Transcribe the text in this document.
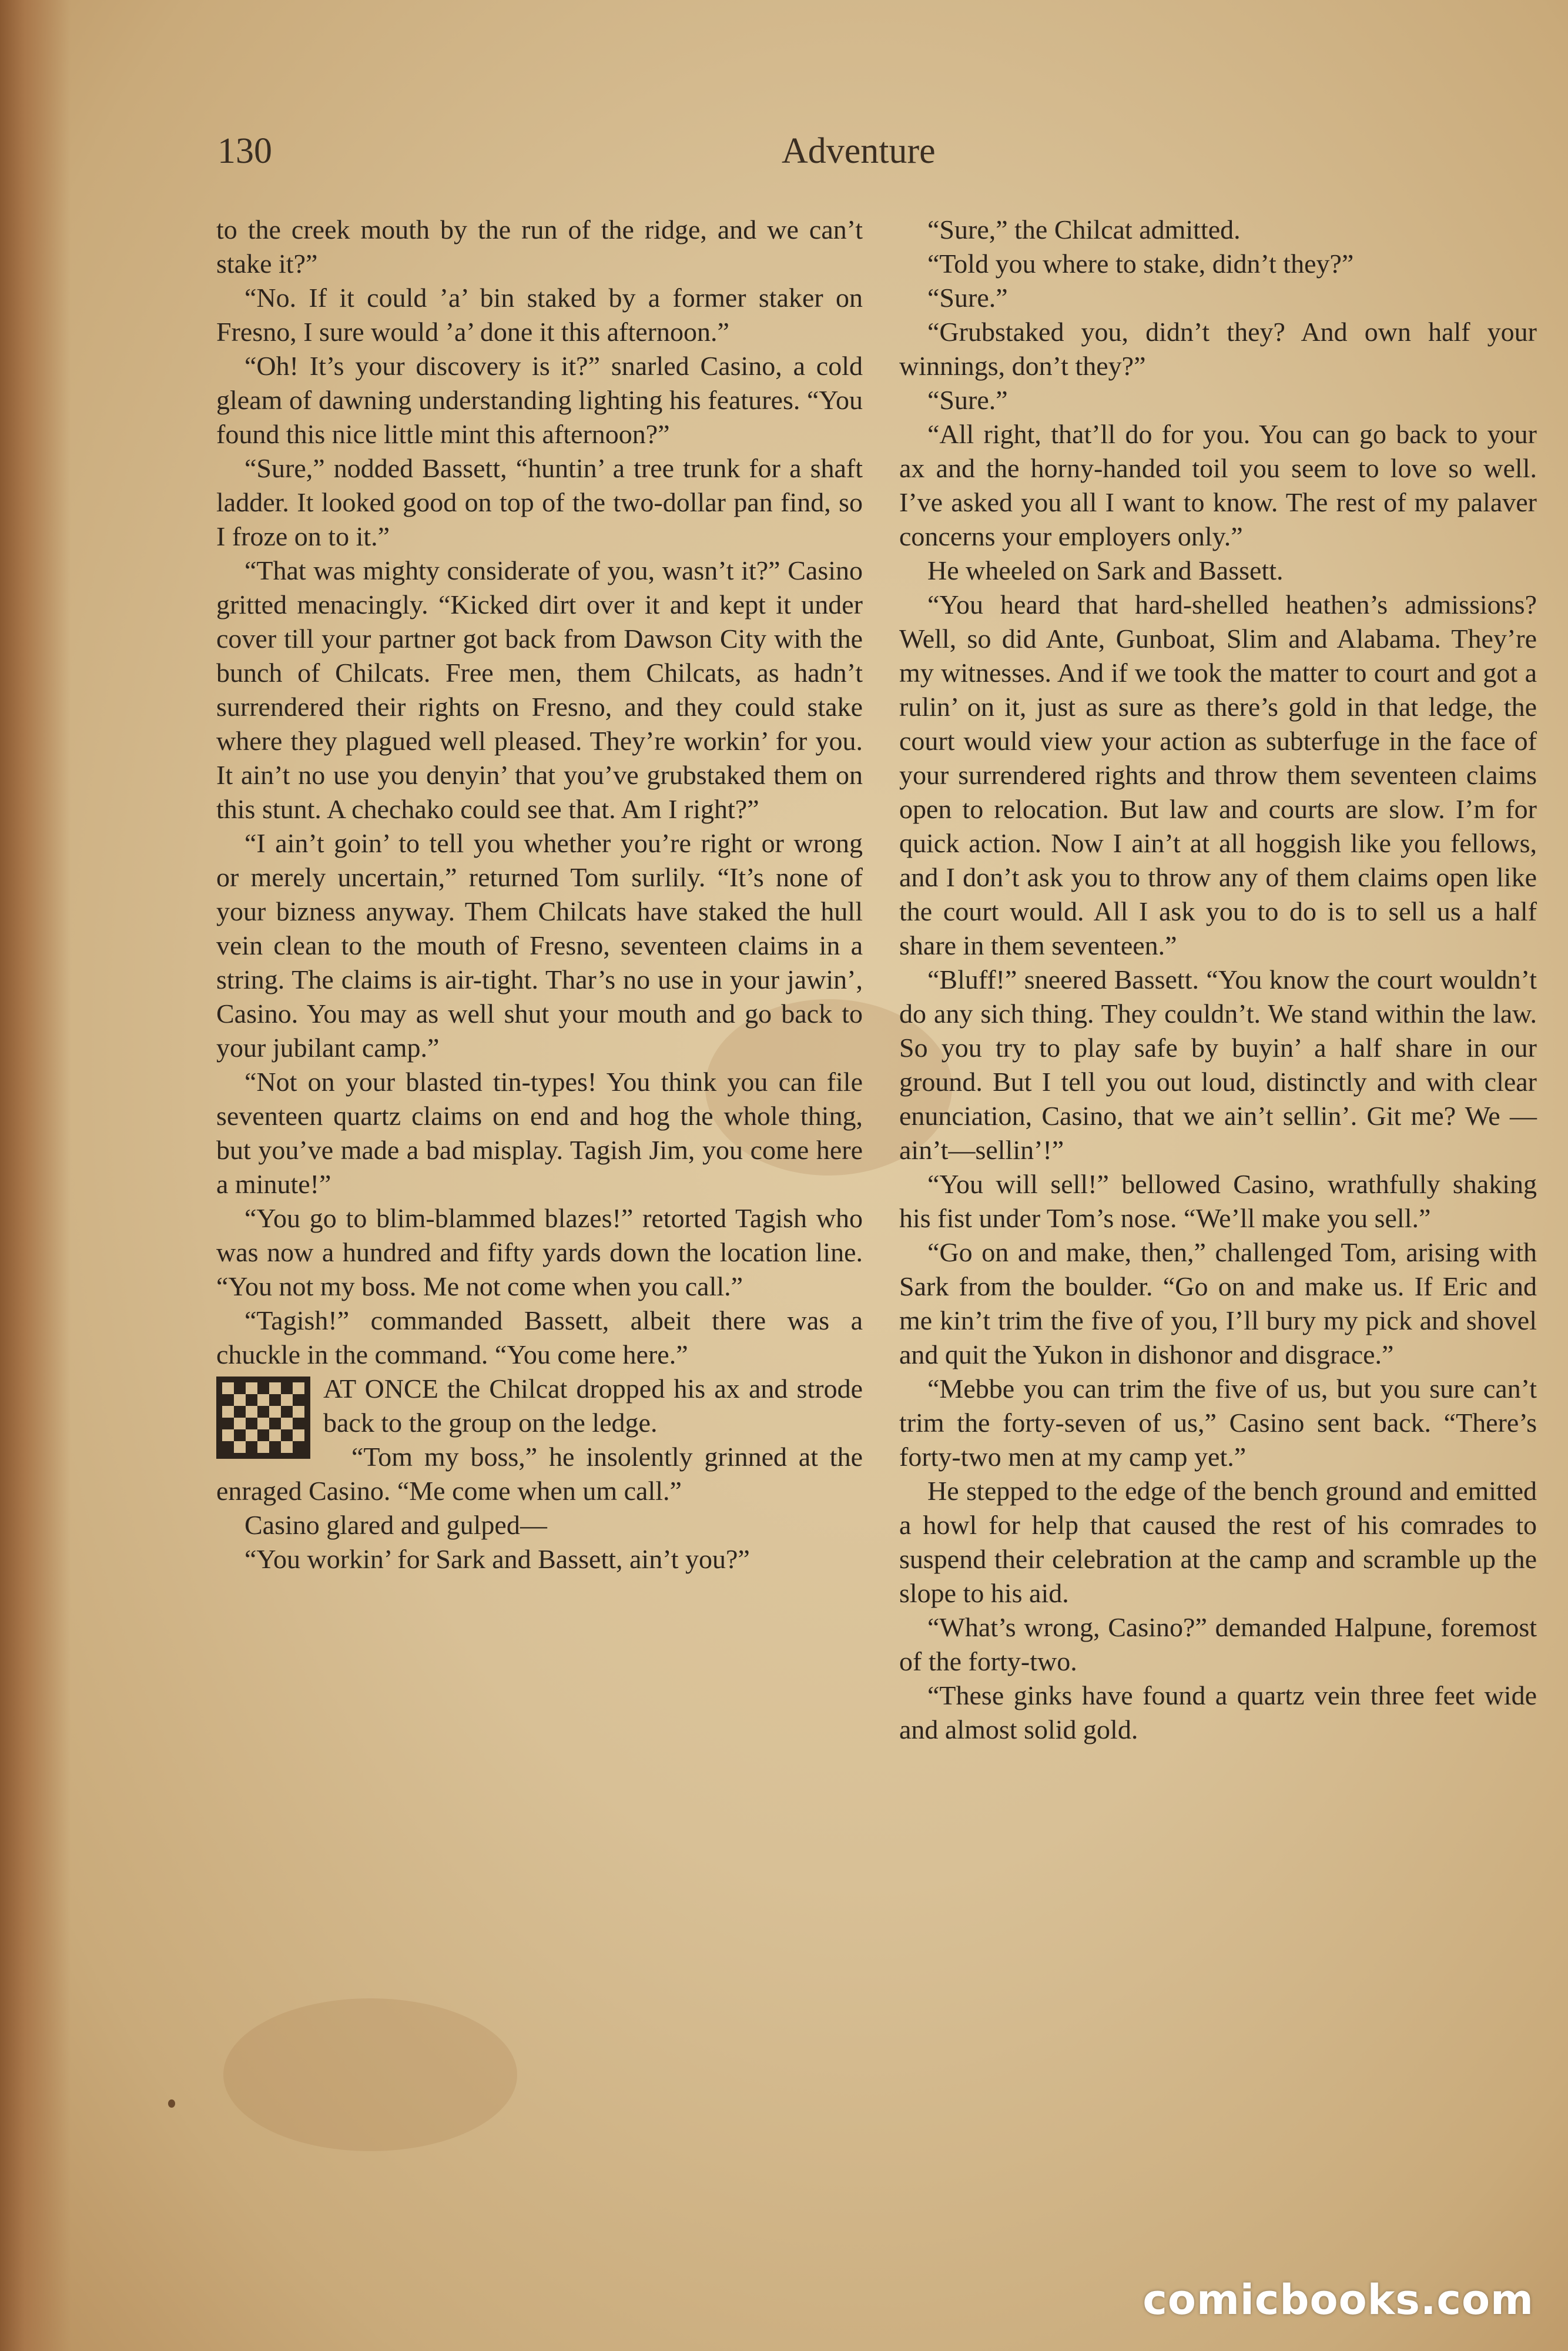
130	Adventure

to the creek mouth by the run of the ridge, and we can’t stake it?”

“No. If it could ’a’ bin staked by a former staker on Fresno, I sure would ’a’ done it this afternoon.”

“Oh! It’s your discovery is it?” snarled Casino, a cold gleam of dawning understanding lighting his features. “You found this nice little mint this afternoon?”

“Sure,” nodded Bassett, “huntin’ a tree trunk for a shaft ladder. It looked good on top of the two-dollar pan find, so I froze on to it.”

“That was mighty considerate of you, wasn’t it?” Casino gritted menacingly. “Kicked dirt over it and kept it under cover till your partner got back from Dawson City with the bunch of Chilcats. Free men, them Chilcats, as hadn’t surrendered their rights on Fresno, and they could stake where they plagued well pleased. They’re workin’ for you. It ain’t no use you denyin’ that you’ve grubstaked them on this stunt. A chechako could see that. Am I right?”

“I ain’t goin’ to tell you whether you’re right or wrong or merely uncertain,” returned Tom surlily. “It’s none of your bizness anyway. Them Chilcats have staked the hull vein clean to the mouth of Fresno, seventeen claims in a string. The claims is air-tight. Thar’s no use in your jawin’, Casino. You may as well shut your mouth and go back to your jubilant camp.”

“Not on your blasted tin-types! You think you can file seventeen quartz claims on end and hog the whole thing, but you’ve made a bad misplay. Tagish Jim, you come here a minute!”

“You go to blim-blammed blazes!” retorted Tagish who was now a hundred and fifty yards down the location line. “You not my boss. Me not come when you call.”

“Tagish!” commanded Bassett, albeit there was a chuckle in the command. “You come here.”

AT ONCE the Chilcat dropped his ax and strode back to the group on the ledge.

“Tom my boss,” he insolently grinned at the enraged Casino. “Me come when um call.”

Casino glared and gulped—

“You workin’ for Sark and Bassett, ain’t you?”

“Sure,” the Chilcat admitted.

“Told you where to stake, didn’t they?”

“Sure.”

“Grubstaked you, didn’t they? And own half your winnings, don’t they?”

“Sure.”

“All right, that’ll do for you. You can go back to your ax and the horny-handed toil you seem to love so well. I’ve asked you all I want to know. The rest of my palaver concerns your employers only.”

He wheeled on Sark and Bassett.

“You heard that hard-shelled heathen’s admissions? Well, so did Ante, Gunboat, Slim and Alabama. They’re my witnesses. And if we took the matter to court and got a rulin’ on it, just as sure as there’s gold in that ledge, the court would view your action as subterfuge in the face of your surrendered rights and throw them seventeen claims open to relocation. But law and courts are slow. I’m for quick action. Now I ain’t at all hoggish like you fellows, and I don’t ask you to throw any of them claims open like the court would. All I ask you to do is to sell us a half share in them seventeen.”

“Bluff!” sneered Bassett. “You know the court wouldn’t do any sich thing. They couldn’t. We stand within the law. So you try to play safe by buyin’ a half share in our ground. But I tell you out loud, distinctly and with clear enunciation, Casino, that we ain’t sellin’. Git me? We —ain’t—sellin’!”

“You will sell!” bellowed Casino, wrathfully shaking his fist under Tom’s nose. “We’ll make you sell.”

“Go on and make, then,” challenged Tom, arising with Sark from the boulder. “Go on and make us. If Eric and me kin’t trim the five of you, I’ll bury my pick and shovel and quit the Yukon in dishonor and disgrace.”

“Mebbe you can trim the five of us, but you sure can’t trim the forty-seven of us,” Casino sent back. “There’s forty-two men at my camp yet.”

He stepped to the edge of the bench ground and emitted a howl for help that caused the rest of his comrades to suspend their celebration at the camp and scramble up the slope to his aid.

“What’s wrong, Casino?” demanded Halpune, foremost of the forty-two.

“These ginks have found a quartz vein three feet wide and almost solid gold.

comicbooks.com
